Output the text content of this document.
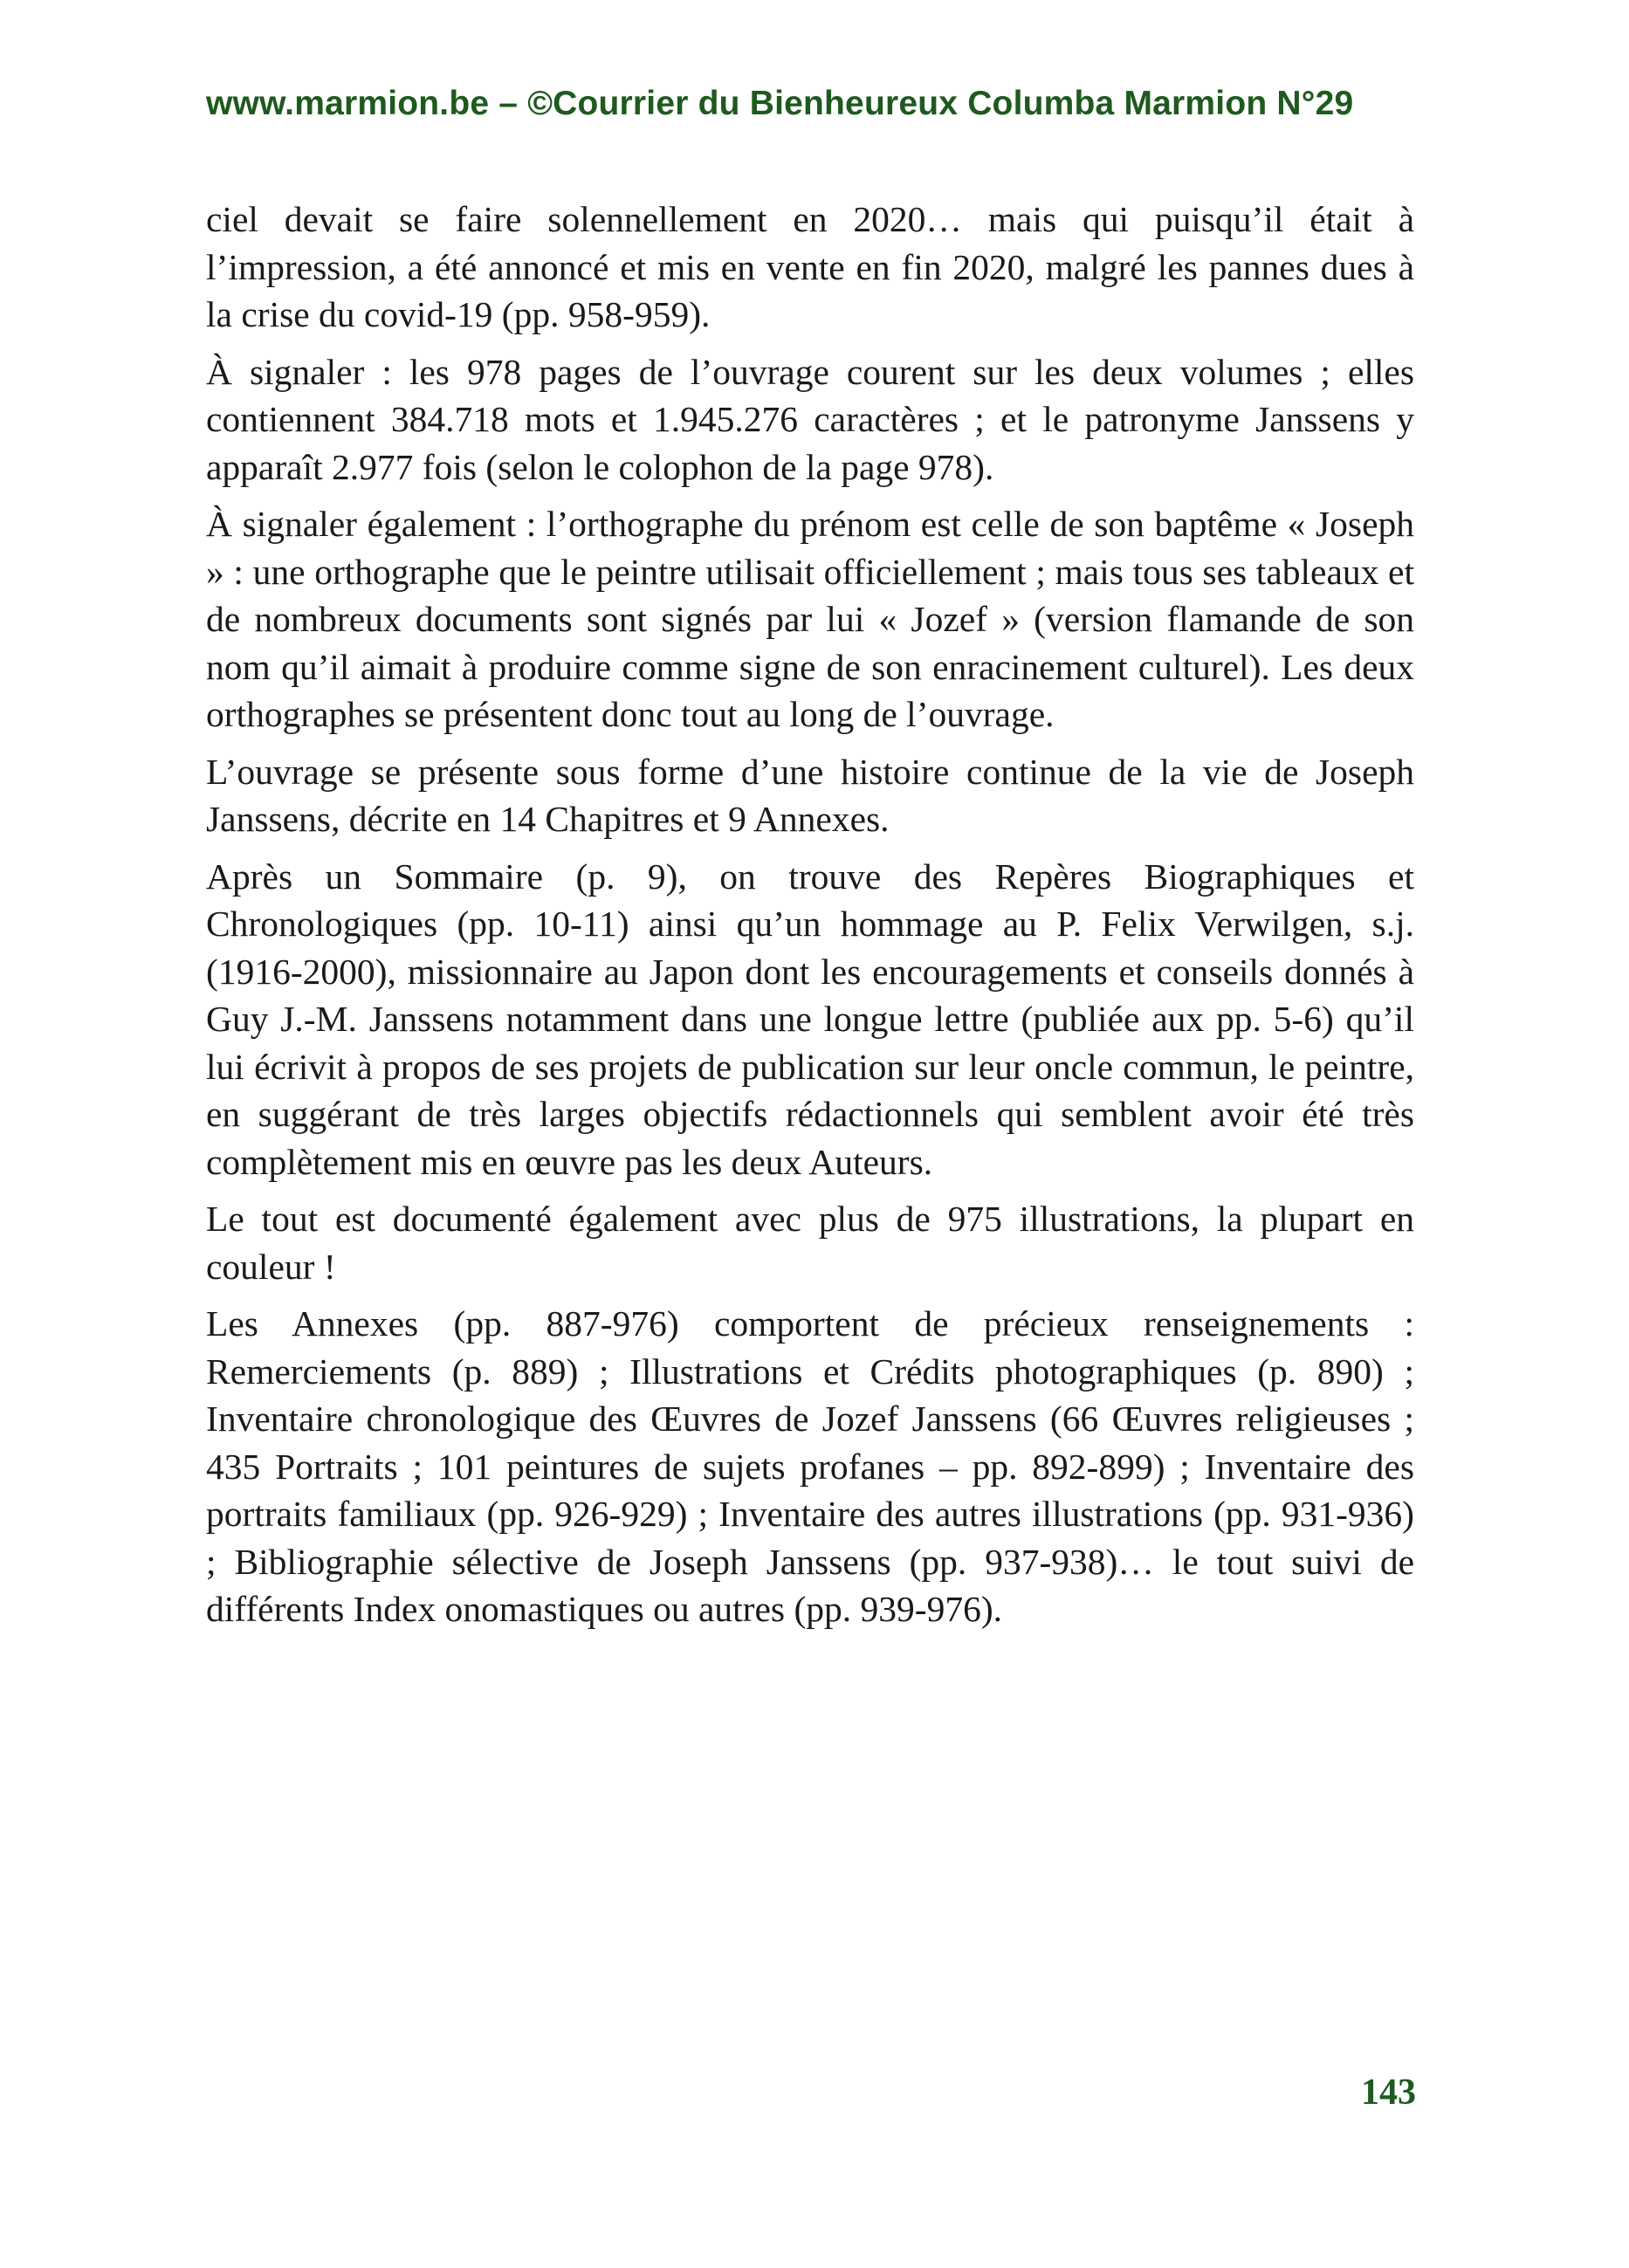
www.marmion.be – ©Courrier du Bienheureux Columba Marmion N°29

ciel devait se faire solennellement en 2020… mais qui puisqu’il était à l’impression, a été annoncé et mis en vente en fin 2020, malgré les pannes dues à la crise du covid-19 (pp. 958-959).

À signaler : les 978 pages de l’ouvrage courent sur les deux volumes ; elles contiennent 384.718 mots et 1.945.276 caractères ; et le patronyme Janssens y apparaît 2.977 fois (selon le colophon de la page 978).

À signaler également : l’orthographe du prénom est celle de son baptême « Joseph » : une orthographe que le peintre utilisait officiellement ; mais tous ses tableaux et de nombreux documents sont signés par lui « Jozef » (version flamande de son nom qu’il aimait à produire comme signe de son enracinement culturel). Les deux orthographes se présentent donc tout au long de l’ouvrage.

L’ouvrage se présente sous forme d’une histoire continue de la vie de Joseph Janssens, décrite en 14 Chapitres et 9 Annexes.

Après un Sommaire (p. 9), on trouve des Repères Biographiques et Chronologiques (pp. 10-11) ainsi qu’un hommage au P. Felix Verwilgen, s.j. (1916-2000), missionnaire au Japon dont les encouragements et conseils donnés à Guy J.-M. Janssens notamment dans une longue lettre (publiée aux pp. 5-6) qu’il lui écrivit à propos de ses projets de publication sur leur oncle commun, le peintre, en suggérant de très larges objectifs rédactionnels qui semblent avoir été très complètement mis en œuvre pas les deux Auteurs.

Le tout est documenté également avec plus de 975 illustrations, la plupart en couleur !

Les Annexes (pp. 887-976) comportent de précieux renseignements : Remerciements (p. 889) ; Illustrations et Crédits photographiques (p. 890) ; Inventaire chronologique des Œuvres de Jozef Janssens (66 Œuvres religieuses ; 435 Portraits ; 101 peintures de sujets profanes – pp. 892-899) ; Inventaire des portraits familiaux (pp. 926-929) ; Inventaire des autres illustrations (pp. 931-936) ; Bibliographie sélective de Joseph Janssens (pp. 937-938)… le tout suivi de différents Index onomastiques ou autres (pp. 939-976).

143
